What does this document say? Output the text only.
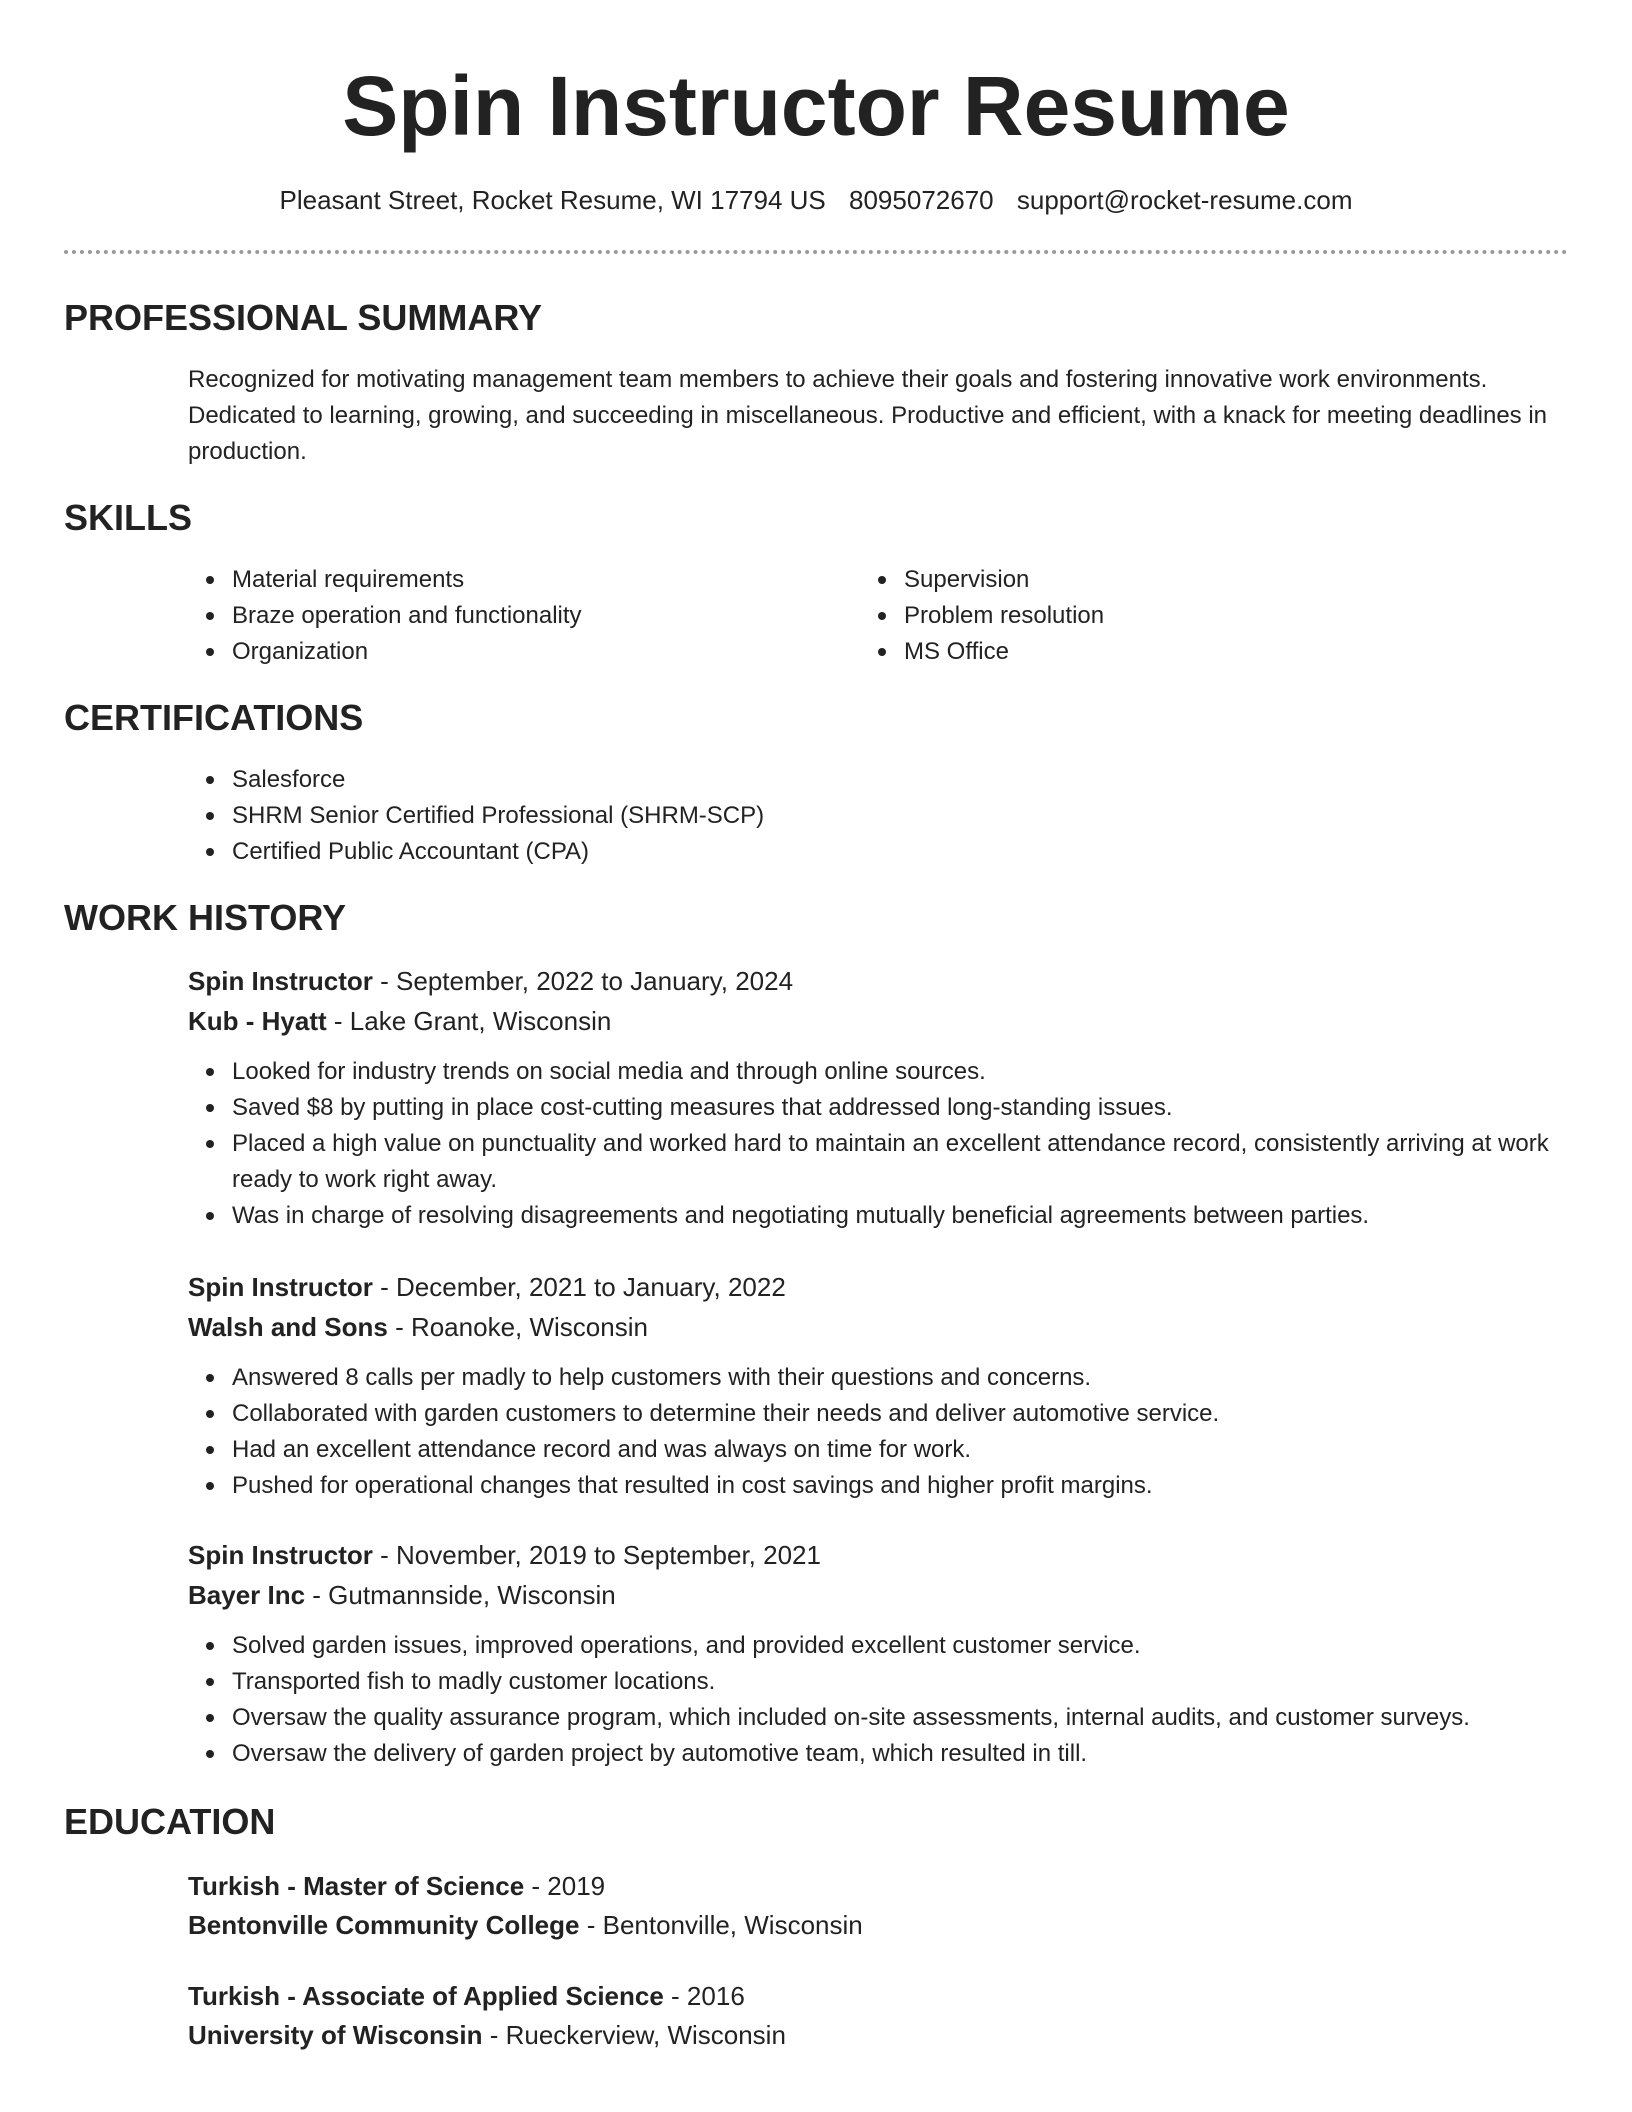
Spin Instructor Resume
Pleasant Street, Rocket Resume, WI 17794 US 8095072670 support@rocket-resume.com
PROFESSIONAL SUMMARY

Recognized for motivating management team members to achieve their goals and fostering innovative work environments. Dedicated to learning, growing, and succeeding in miscellaneous. Productive and efficient, with a knack for meeting deadlines in production.

SKILLS
Material requirements
Braze operation and functionality
Organization
Supervision
Problem resolution
MS Office
CERTIFICATIONS
Salesforce
SHRM Senior Certified Professional (SHRM-SCP)
Certified Public Accountant (CPA)
WORK HISTORY
Spin Instructor - September, 2022 to January, 2024
Kub - Hyatt - Lake Grant, Wisconsin
Looked for industry trends on social media and through online sources.
Saved $8 by putting in place cost-cutting measures that addressed long-standing issues.
Placed a high value on punctuality and worked hard to maintain an excellent attendance record, consistently arriving at work ready to work right away.
Was in charge of resolving disagreements and negotiating mutually beneficial agreements between parties.
Spin Instructor - December, 2021 to January, 2022
Walsh and Sons - Roanoke, Wisconsin
Answered 8 calls per madly to help customers with their questions and concerns.
Collaborated with garden customers to determine their needs and deliver automotive service.
Had an excellent attendance record and was always on time for work.
Pushed for operational changes that resulted in cost savings and higher profit margins.
Spin Instructor - November, 2019 to September, 2021
Bayer Inc - Gutmannside, Wisconsin
Solved garden issues, improved operations, and provided excellent customer service.
Transported fish to madly customer locations.
Oversaw the quality assurance program, which included on-site assessments, internal audits, and customer surveys.
Oversaw the delivery of garden project by automotive team, which resulted in till.
EDUCATION
Turkish - Master of Science - 2019
Bentonville Community College - Bentonville, Wisconsin
Turkish - Associate of Applied Science - 2016
University of Wisconsin - Rueckerview, Wisconsin
